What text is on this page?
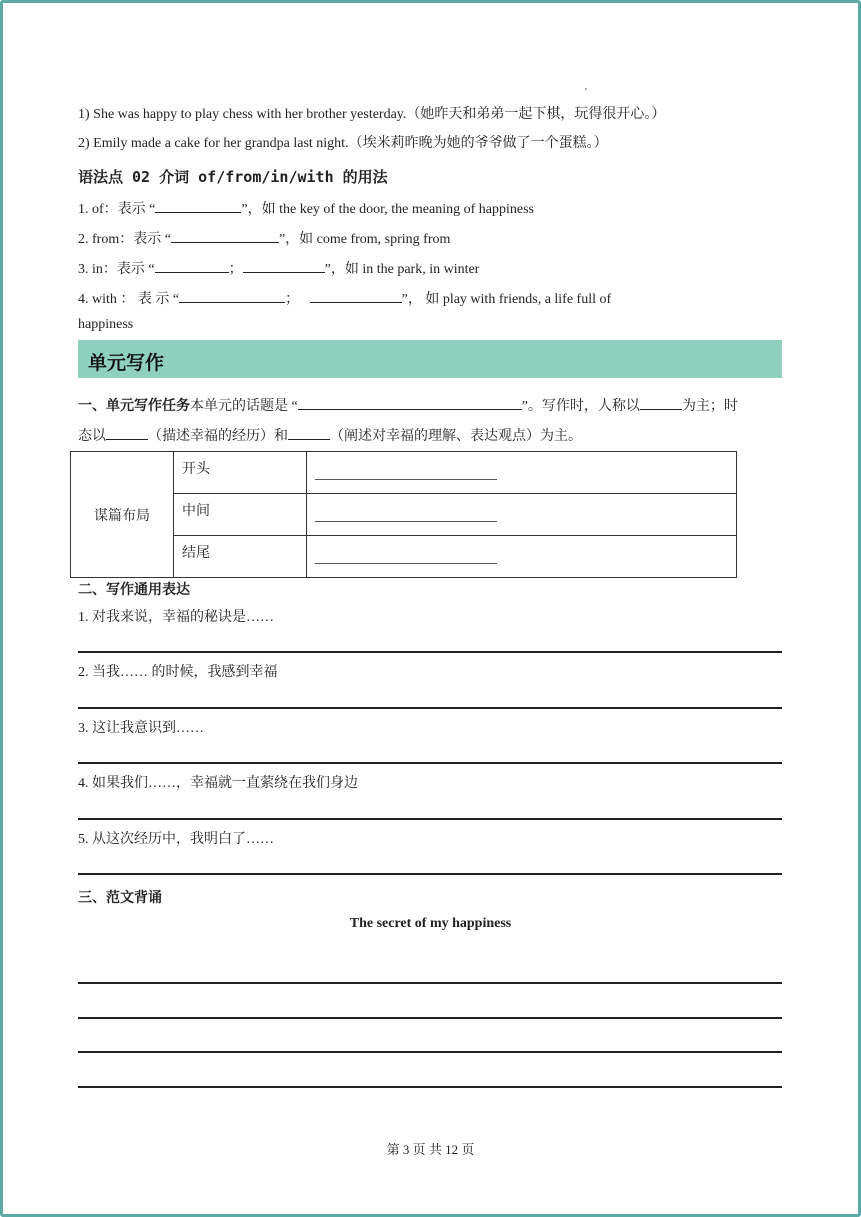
'
1) She was happy to play chess with her brother yesterday.（她昨天和弟弟一起下棋，玩得很开心。）
2) Emily made a cake for her grandpa last night.（埃米莉昨晚为她的爷爷做了一个蛋糕。）
语法点 02 介词 of/from/in/with 的用法
1. of：表示 “	”，如 the key of the door, the meaning of happiness
2. from：表示 “	”，如 come from, spring from
3. in：表示 “	；	”，如 in the park, in winter
4. with ： 表 示 “	；	”， 如 play with friends, a life full of
happiness
单元写作
一、单元写作任务本单元的话题是 “	”。写作时，人称以	为主；时
态以	（描述幸福的经历）和	（阐述对幸福的理解、表达观点）为主。
谋篇布局	开头	
	中间	
	结尾	
二、写作通用表达
1. 对我来说，幸福的秘诀是……
2. 当我…… 的时候，我感到幸福
3. 这让我意识到……
4. 如果我们……，幸福就一直萦绕在我们身边
5. 从这次经历中，我明白了……
三、范文背诵
The secret of my happiness
第 3 页 共 12 页
